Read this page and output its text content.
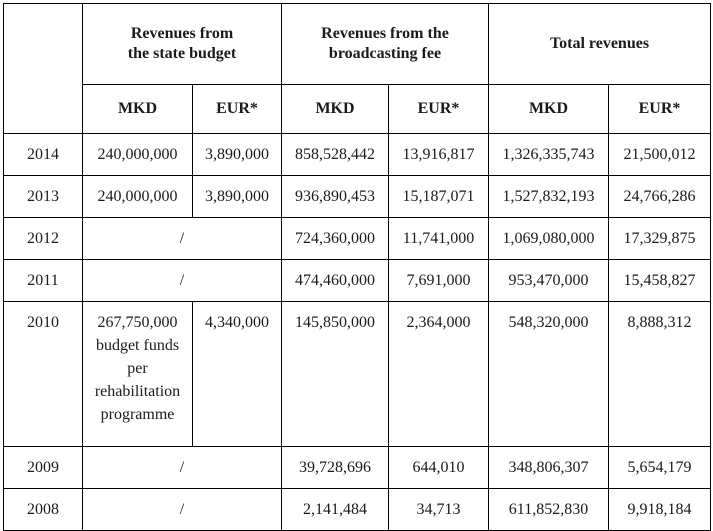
	Revenues from
the state budget		Revenues from the
broadcasting fee		Total revenues	
	MKD	EUR*	MKD	EUR*	MKD	EUR*
2014	240,000,000	3,890,000	858,528,442	13,916,817	1,326,335,743	21,500,012
2013	240,000,000	3,890,000	936,890,453	15,187,071	1,527,832,193	24,766,286
2012	/		724,360,000	11,741,000	1,069,080,000	17,329,875
2011	/		474,460,000	7,691,000	953,470,000	15,458,827
2010	267,750,000
budget funds
per
rehabilitation
programme	4,340,000	145,850,000	2,364,000	548,320,000	8,888,312
2009	/		39,728,696	644,010	348,806,307	5,654,179
2008	/		2,141,484	34,713	611,852,830	9,918,184
